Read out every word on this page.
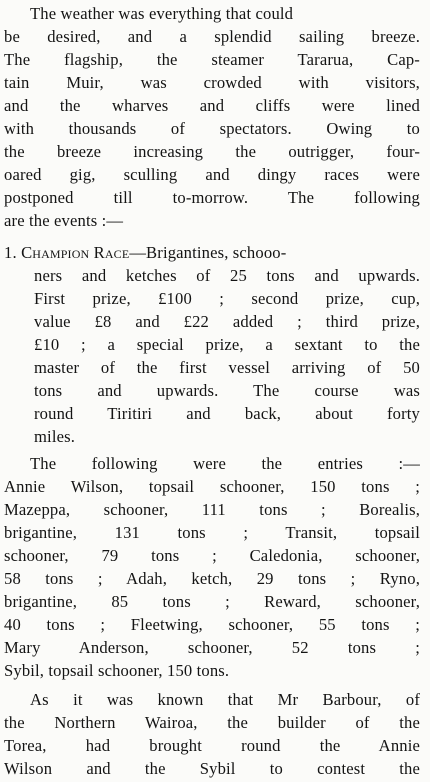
The weather was everything that could

be desired, and a splendid sailing breeze.

The flagship, the steamer Tararua, Cap-

tain Muir, was crowded with visitors,

and the wharves and cliffs were lined

with thousands of spectators. Owing to

the breeze increasing the outrigger, four-

oared gig, sculling and dingy races were

postponed till to-morrow. The following

are the events :—

1. Champion Race—Brigantines, schooo-

ners and ketches of 25 tons and upwards.

First prize, £100 ; second prize, cup,

value £8 and £22 added ; third prize,

£10 ; a special prize, a sextant to the

master of the first vessel arriving of 50

tons and upwards. The course was

round Tiritiri and back, about forty

miles.

The following were the entries :—

Annie Wilson, topsail schooner, 150 tons ;

Mazeppa, schooner, 111 tons ; Borealis,

brigantine, 131 tons ; Transit, topsail

schooner, 79 tons ; Caledonia, schooner,

58 tons ; Adah, ketch, 29 tons ; Ryno,

brigantine, 85 tons ; Reward, schooner,

40 tons ; Fleetwing, schooner, 55 tons ;

Mary Anderson, schooner, 52 tons ;

Sybil, topsail schooner, 150 tons.

As it was known that Mr Barbour, of

the Northern Wairoa, the builder of the

Torea, had brought round the Annie

Wilson and the Sybil to contest the
